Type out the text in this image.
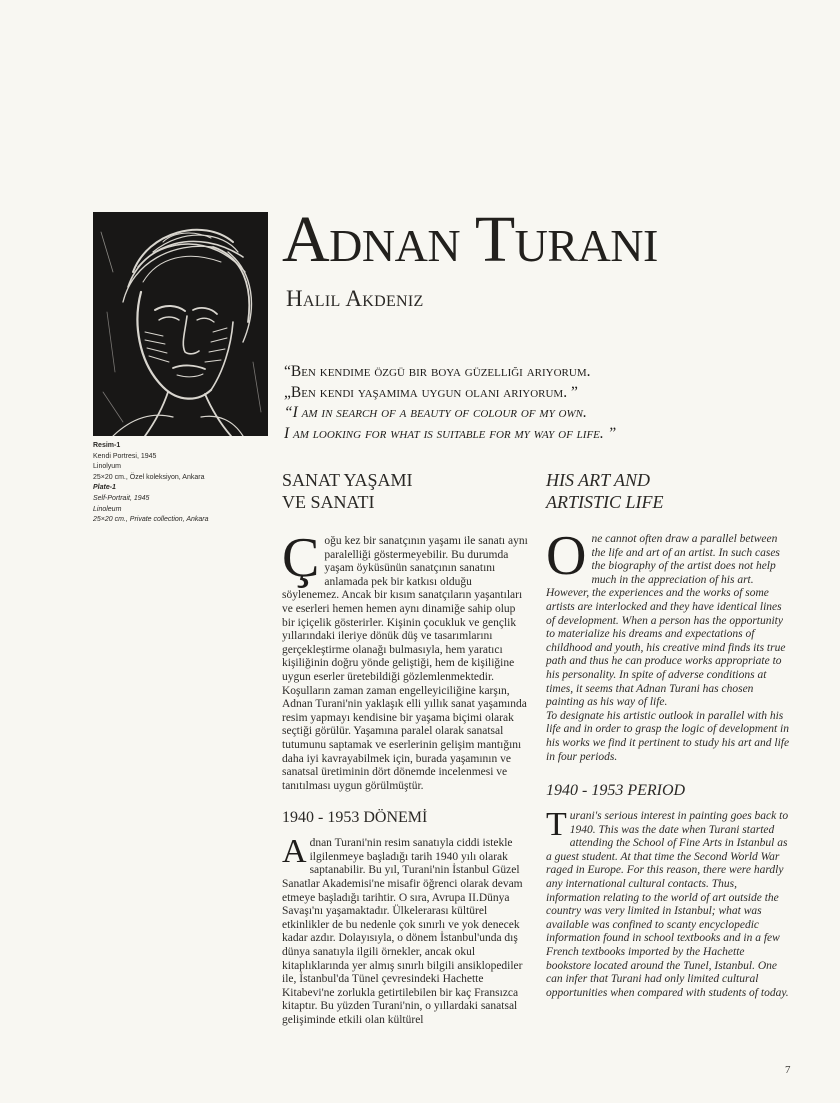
Resim-1
Kendi Portresi, 1945
Linolyum
25×20 cm., Özel koleksiyon, Ankara
Plate-1
Self-Portrait, 1945
Linoleum
25×20 cm., Private collection, Ankara
Adnan Turani
Halil Akdeniz
“Ben kendime özgü bir boya güzelliği arıyorum.
„Ben kendi yaşamıma uygun olanı arıyorum. ”
“I am in search of a beauty of colour of my own.
I am looking for what is suitable for my way of life. ”
SANAT YAŞAMI VE SANATI
Çoğu kez bir sanatçının yaşamı ile sanatı aynı paralelliği göstermeyebilir. Bu durumda yaşam öyküsünün sanatçının sanatını anlamada pek bir katkısı olduğu söylenemez. Ancak bir kısım sanatçıların yaşantıları ve eserleri hemen hemen aynı dinamiğe sahip olup bir içiçelik gösterirler. Kişinin çocukluk ve gençlik yıllarındaki ileriye dönük düş ve tasarımlarını gerçekleştirme olanağı bulmasıyla, hem yaratıcı kişiliğinin doğru yönde geliştiği, hem de kişiliğine uygun eserler üretebildiği gözlemlenmektedir. Koşulların zaman zaman engelleyiciliğine karşın, Adnan Turani'nin yaklaşık elli yıllık sanat yaşamında resim yapmayı kendisine bir yaşama biçimi olarak seçtiği görülür. Yaşamına paralel olarak sanatsal tutumunu saptamak ve eserlerinin gelişim mantığını daha iyi kavrayabilmek için, burada yaşamının ve sanatsal üretiminin dört dönemde incelenmesi ve tanıtılması uygun görülmüştür.
1940 - 1953 DÖNEMİ
Adnan Turani'nin resim sanatıyla ciddi istekle ilgilenmeye başladığı tarih 1940 yılı olarak saptanabilir. Bu yıl, Turani'nin İstanbul Güzel Sanatlar Akademisi'ne misafir öğrenci olarak devam etmeye başladığı tarihtir. O sıra, Avrupa II.Dünya Savaşı'nı yaşamaktadır. Ülkelerarası kültürel etkinlikler de bu nedenle çok sınırlı ve yok denecek kadar azdır. Dolayısıyla, o dönem İstanbul'unda dış dünya sanatıyla ilgili örnekler, ancak okul kitaplıklarında yer almış sınırlı bilgili ansiklopediler ile, İstanbul'da Tünel çevresindeki Hachette Kitabevi'ne zorlukla getirtilebilen bir kaç Fransızca kitaptır. Bu yüzden Turani'nin, o yıllardaki sanatsal gelişiminde etkili olan kültürel
HIS ART AND ARTISTIC LIFE
One cannot often draw a parallel between the life and art of an artist. In such cases the biography of the artist does not help much in the appreciation of his art. However, the experiences and the works of some artists are interlocked and they have identical lines of development. When a person has the opportunity to materialize his dreams and expectations of childhood and youth, his creative mind finds its true path and thus he can produce works appropriate to his personality. In spite of adverse conditions at times, it seems that Adnan Turani has chosen painting as his way of life.
To designate his artistic outlook in parallel with his life and in order to grasp the logic of development in his works we find it pertinent to study his art and life in four periods.
1940 - 1953 PERIOD
Turani's serious interest in painting goes back to 1940. This was the date when Turani started attending the School of Fine Arts in Istanbul as a guest student. At that time the Second World War raged in Europe. For this reason, there were hardly any international cultural contacts. Thus, information relating to the world of art outside the country was very limited in Istanbul; what was available was confined to scanty encyclopedic information found in school textbooks and in a few French textbooks imported by the Hachette bookstore located around the Tunel, Istanbul. One can infer that Turani had only limited cultural opportunities when compared with students of today.
7
